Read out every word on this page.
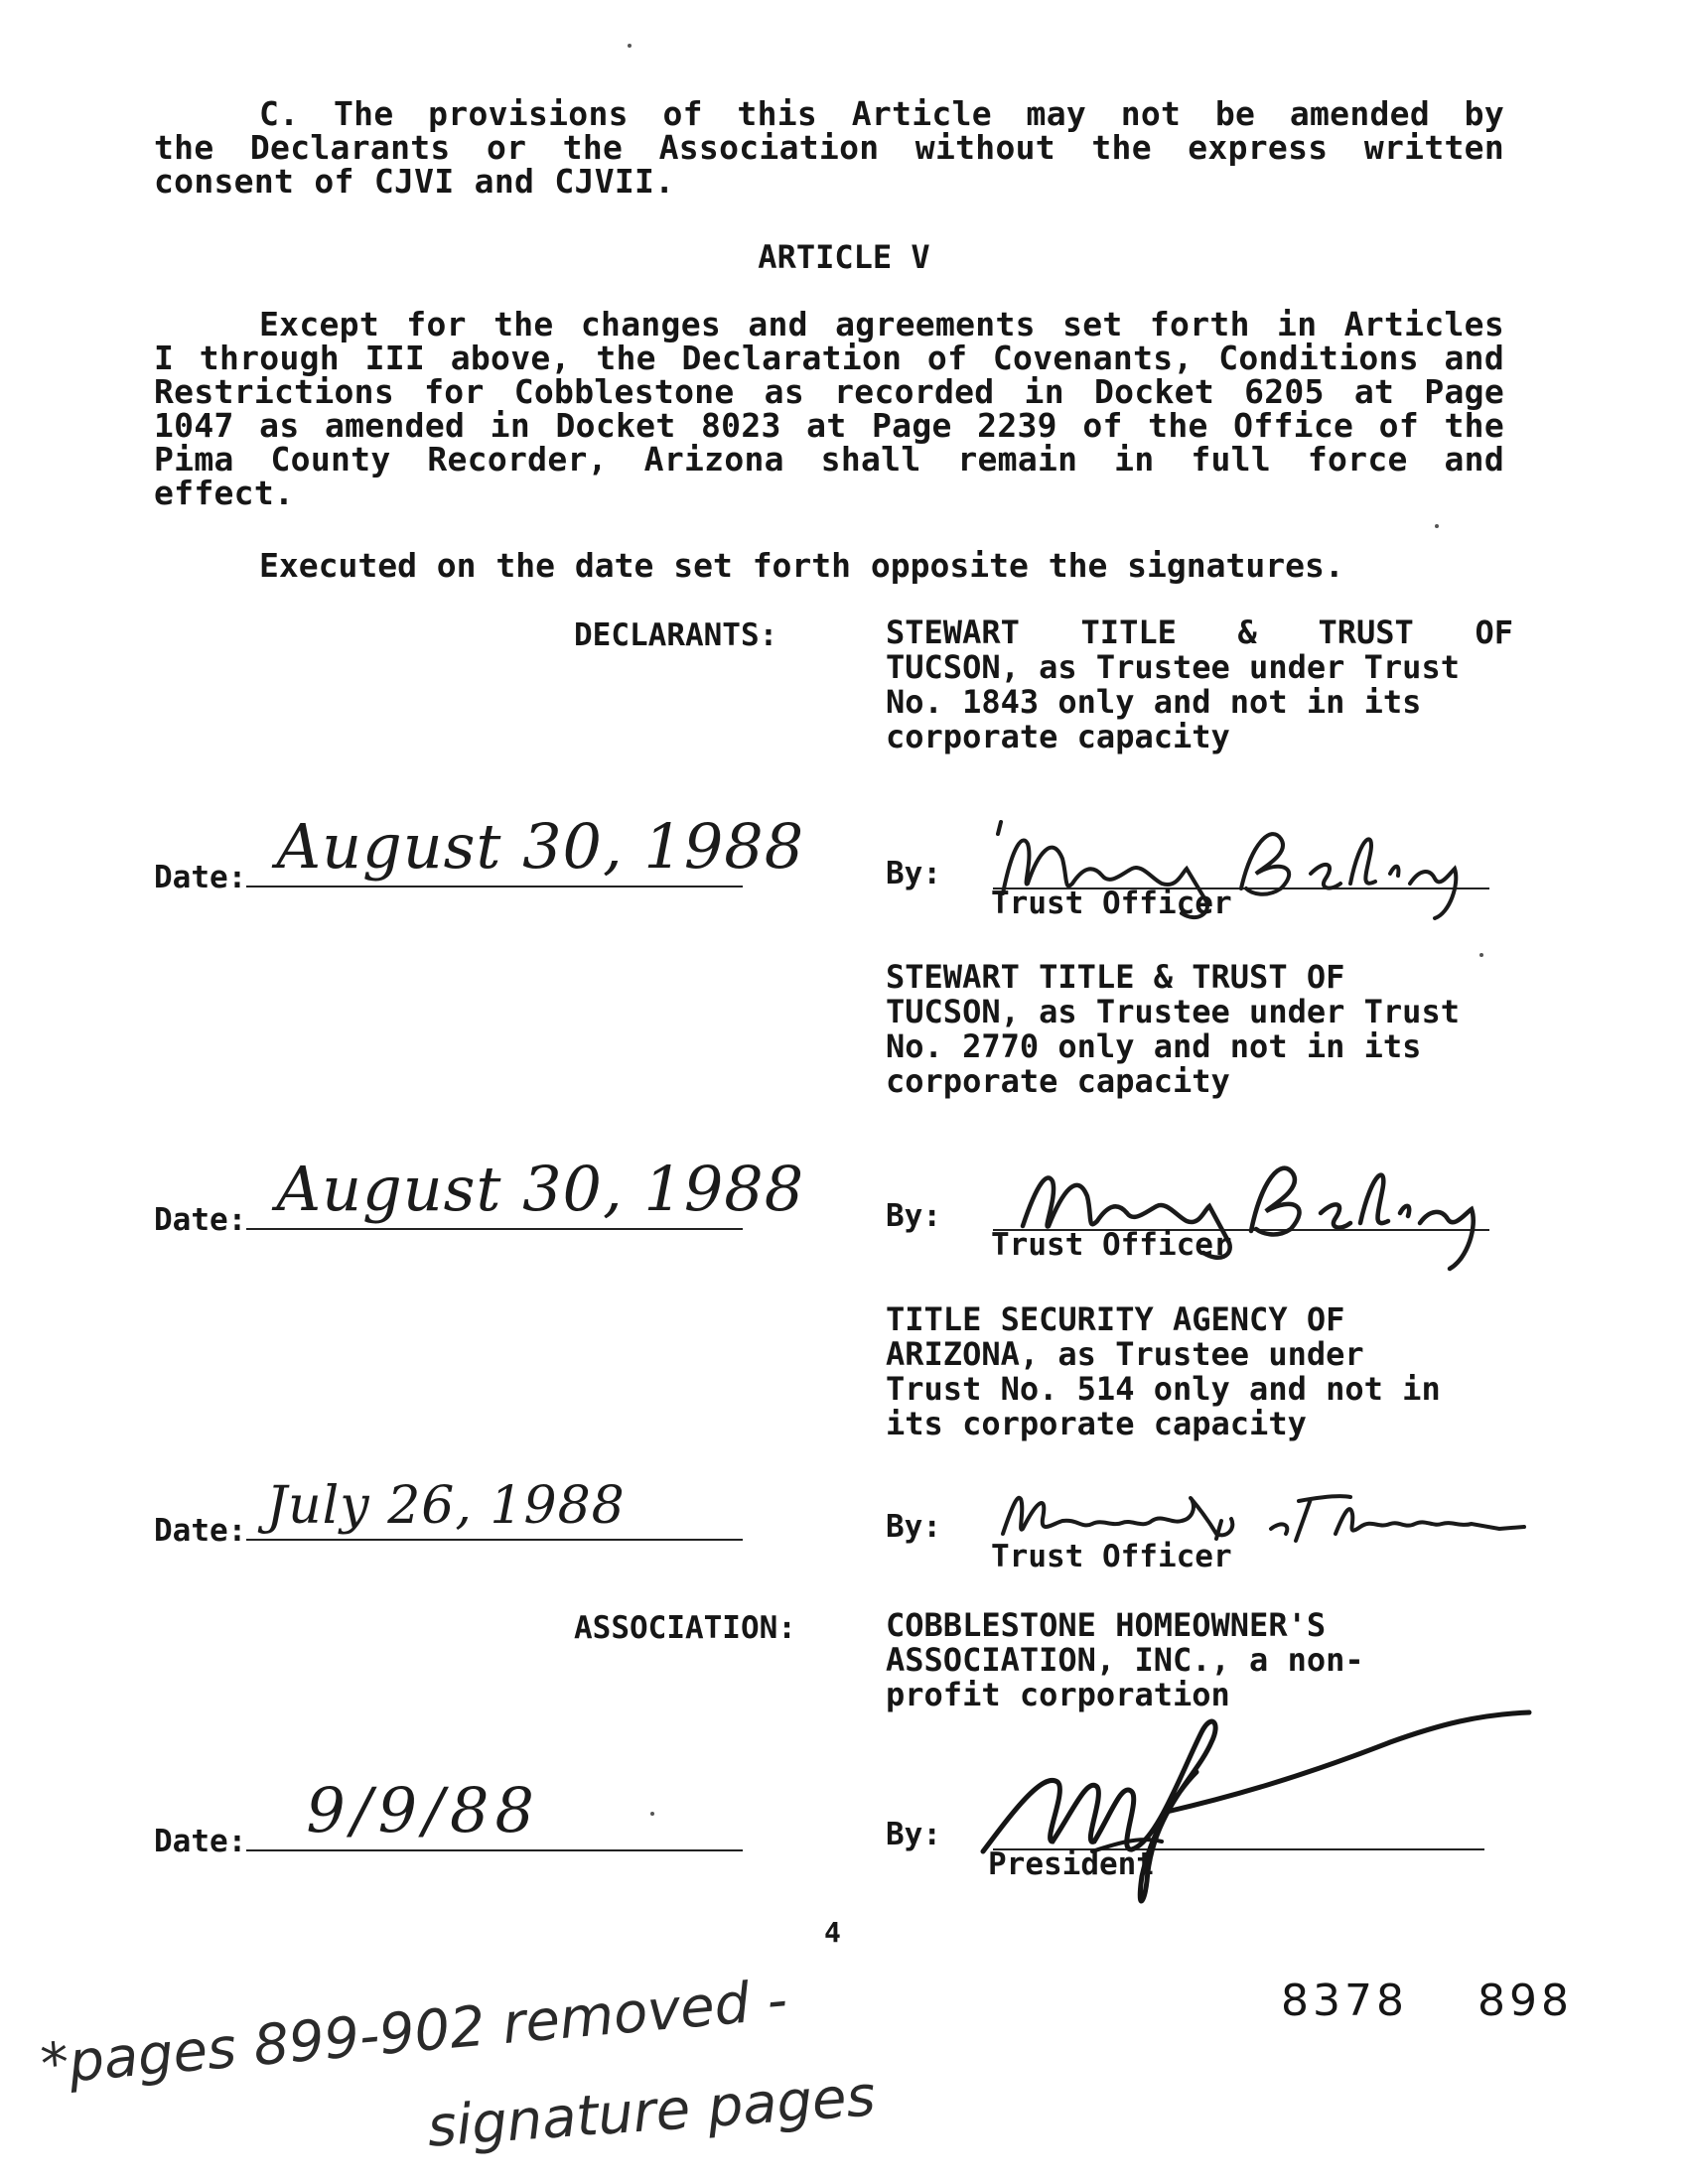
C. The provisions of this Article may not be amended by
the Declarants or the Association without the express written
consent of CJVI and CJVII.
ARTICLE V
Except for the changes and agreements set forth in Articles
I through III above, the Declaration of Covenants, Conditions and
Restrictions for Cobblestone as recorded in Docket 6205 at Page
1047 as amended in Docket 8023 at Page 2239 of the Office of the
Pima County Recorder, Arizona shall remain in full force and
effect.
Executed on the date set forth opposite the signatures.
DECLARANTS:	STEWART TITLE & TRUST OF
TUCSON, as Trustee under Trust
No. 1843 only and not in its
corporate capacity
Date: August 30, 1988	By:
Trust Officer
STEWART TITLE & TRUST OF
TUCSON, as Trustee under Trust
No. 2770 only and not in its
corporate capacity
Date: August 30, 1988	By:
Trust Officer
TITLE SECURITY AGENCY OF
ARIZONA, as Trustee under
Trust No. 514 only and not in
its corporate capacity
Date: July 26, 1988	By:
Trust Officer
ASSOCIATION:	COBBLESTONE HOMEOWNER'S
ASSOCIATION, INC., a non-
profit corporation
Date: 9/9/88	By:
President
4
8378 898
*pages 899-902 removed -
signature pages
